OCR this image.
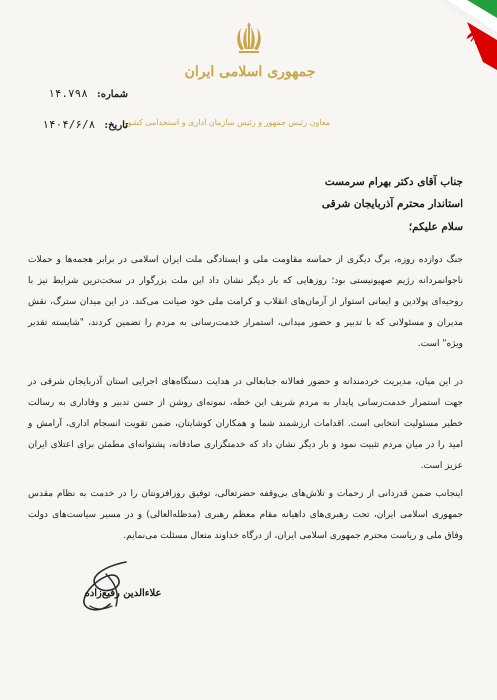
جمهوری اسلامی ایران
معاون رئیس جمهور و رئیس سازمان اداری و استخدامی کشور
شماره: ۱۴.۷۹۸
تاریخ: ۱۴۰۴/۶/۸
جناب آقای دکتر بهرام سرمست
استاندار محترم آذربایجان شرقی
سلام علیکم؛
جنگ دوازده روزه، برگ دیگری از حماسه مقاومت ملی و ایستادگی ملت ایران اسلامی در برابر هجمه‌ها و حملات ناجوانمردانه رژیم صهیونیستی بود؛ روزهایی که بار دیگر نشان داد این ملت بزرگوار در سخت‌ترین شرایط نیز با روحیه‌ای پولادین و ایمانی استوار از آرمان‌های انقلاب و کرامت ملی خود صیانت می‌کند. در این میدان سترگ، نقش مدیران و مسئولانی که با تدبیر و حضور میدانی، استمرار خدمت‌رسانی به مردم را تضمین کردند، "شایسته تقدیر ویژه" است.
در این میان، مدیریت خردمندانه و حضور فعالانه جنابعالی در هدایت دستگاه‌های اجرایی استان آذربایجان شرقی در جهت استمرار خدمت‌رسانی پایدار به مردم شریف این خطه، نمونه‌ای روشن از حسن تدبیر و وفاداری به رسالت خطیر مسئولیت انتخابی است. اقدامات ارزشمند شما و همکاران کوشایتان، ضمن تقویت انسجام اداری، آرامش و امید را در میان مردم تثبیت نمود و بار دیگر نشان داد که خدمتگزاری صادقانه، پشتوانه‌ای مطمئن برای اعتلای ایران عزیز است.
اینجانب ضمن قدردانی از زحمات و تلاش‌های بی‌وقفه حضرتعالی، توفیق روزافزونتان را در خدمت به نظام مقدس جمهوری اسلامی ایران، تحت رهبری‌های داهیانه مقام معظم رهبری (مدظله‌العالی) و در مسیر سیاست‌های دولت وفاق ملی و ریاست محترم جمهوری اسلامی ایران، از درگاه خداوند متعال مسئلت می‌نمایم.
علاءالدین رفیع‌زاده
